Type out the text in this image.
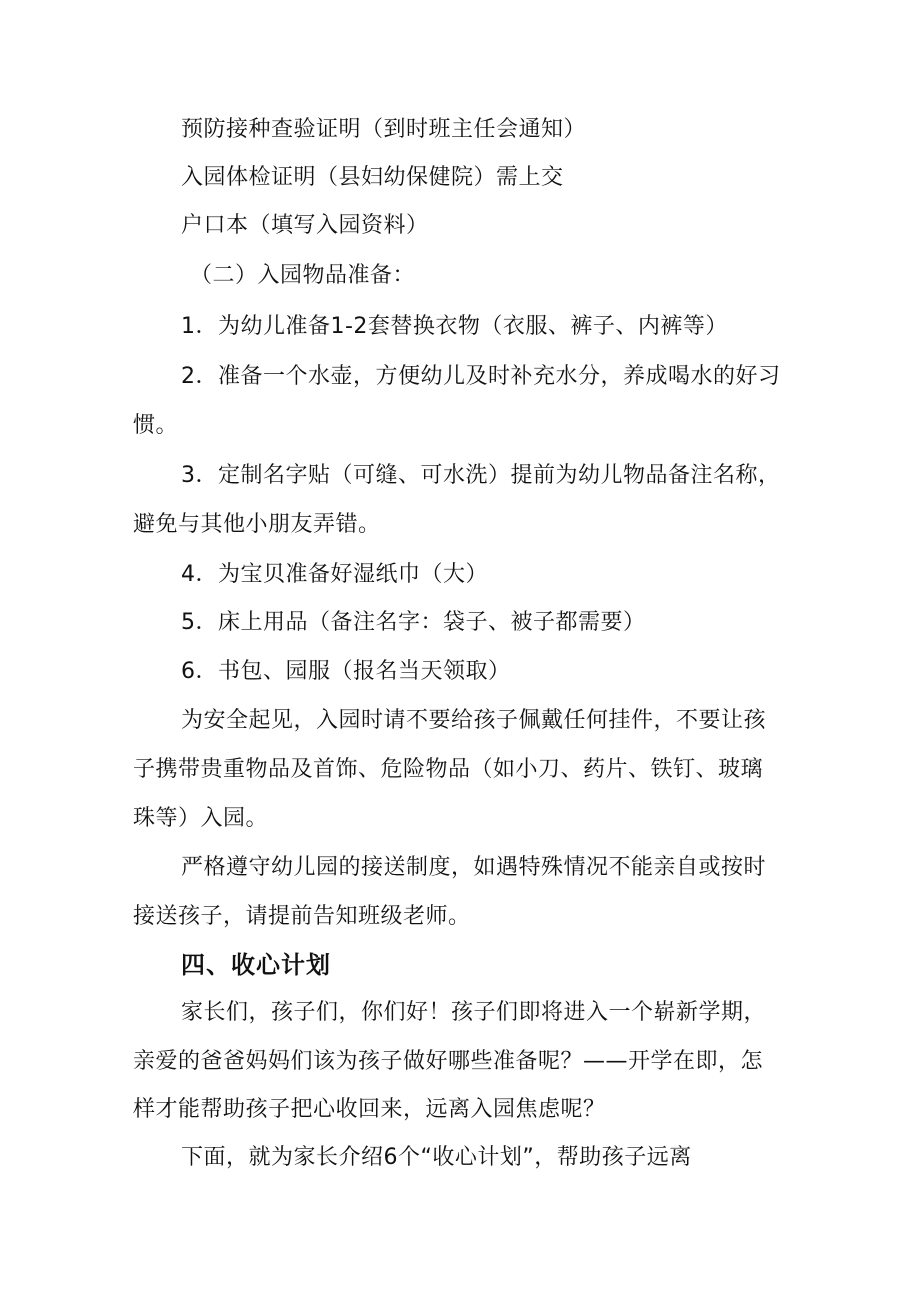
预防接种查验证明（到时班主任会通知）
入园体检证明（县妇幼保健院）需上交
户口本（填写入园资料）
（二）入园物品准备：
1．为幼儿准备1-2套替换衣物（衣服、裤子、内裤等）
2．准备一个水壶，方便幼儿及时补充水分，养成喝水的好习
惯。
3．定制名字贴（可缝、可水洗）提前为幼儿物品备注名称，
避免与其他小朋友弄错。
4．为宝贝准备好湿纸巾（大）
5．床上用品（备注名字：袋子、被子都需要）
6．书包、园服（报名当天领取）
为安全起见，入园时请不要给孩子佩戴任何挂件，不要让孩
子携带贵重物品及首饰、危险物品（如小刀、药片、铁钉、玻璃
珠等）入园。
严格遵守幼儿园的接送制度，如遇特殊情况不能亲自或按时
接送孩子，请提前告知班级老师。
四、收心计划
家长们，孩子们，你们好！孩子们即将进入一个崭新学期，
亲爱的爸爸妈妈们该为孩子做好哪些准备呢？——开学在即，怎
样才能帮助孩子把心收回来，远离入园焦虑呢？
下面，就为家长介绍6个“收心计划”，帮助孩子远离
